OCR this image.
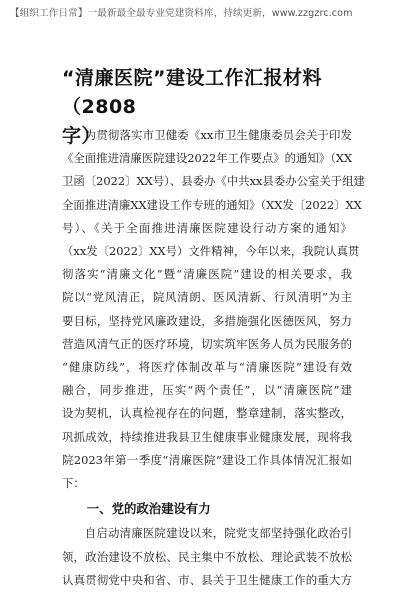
【组织工作日常】一最新最全最专业党建资料库，持续更新，www.zzgzrc.com
“清廉医院”建设工作汇报材料（2808
字）

为贯彻落实市卫健委《xx市卫生健康委员会关于印发
《全面推进清廉医院建设2022年工作要点》的通知》（XX
卫函〔2022〕XX号）、县委办《中共xx县委办公室关于组建
全面推进清廉XX建设工作专班的通知》（XX发〔2022〕XX
号）、《关于全面推进清廉医院建设行动方案的通知》
（xx发〔2022〕XX号）文件精神，今年以来，我院认真贯
彻落实“清廉文化”暨“清廉医院”建设的相关要求，我
院以“党风清正，院风清朗、医风清新、行风清明”为主
要目标，坚持党风廉政建设，多措施强化医德医风，努力
营造风清气正的医疗环境，切实筑牢医务人员为民服务的
“健康防线”，将医疗体制改革与“清廉医院”建设有效
融合，同步推进，压实“两个责任”，以“清廉医院”建
设为契机，认真检视存在的问题，整章建制，落实整改，
巩抓成效，持续推进我县卫生健康事业健康发展，现将我
院2023年第一季度“清廉医院”建设工作具体情况汇报如
下：

一、党的政治建设有力

自启动清廉医院建设以来，院党支部坚持强化政治引
领，政治建设不放松、民主集中不放松、理论武装不放松
认真贯彻党中央和省、市、县关于卫生健康工作的重大方
